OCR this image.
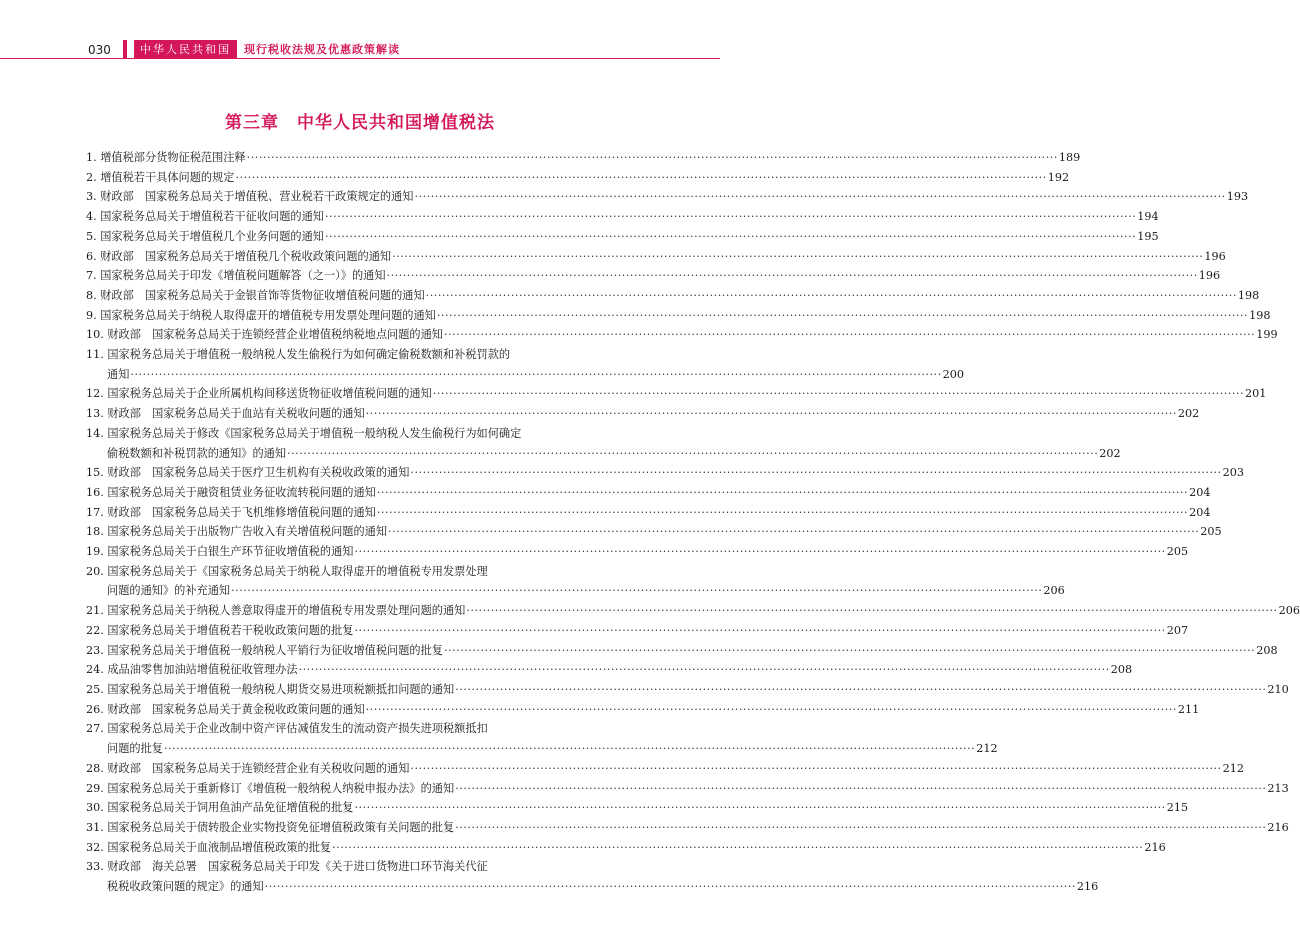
030	中华人民共和国	现行税收法规及优惠政策解读
第三章　中华人民共和国增值税法
1. 增值税部分货物征税范围注释 ········································································································································································································ 189
2. 增值税若干具体问题的规定 ········································································································································································································ 192
3. 财政部　国家税务总局关于增值税、营业税若干政策规定的通知 ········································································································································································································ 193
4. 国家税务总局关于增值税若干征收问题的通知 ········································································································································································································ 194
5. 国家税务总局关于增值税几个业务问题的通知 ········································································································································································································ 195
6. 财政部　国家税务总局关于增值税几个税收政策问题的通知 ········································································································································································································ 196
7. 国家税务总局关于印发《增值税问题解答（之一）》的通知 ········································································································································································································ 196
8. 财政部　国家税务总局关于金银首饰等货物征收增值税问题的通知 ········································································································································································································ 198
9. 国家税务总局关于纳税人取得虚开的增值税专用发票处理问题的通知 ········································································································································································································ 198
10. 财政部　国家税务总局关于连锁经营企业增值税纳税地点问题的通知 ········································································································································································································ 199
11. 国家税务总局关于增值税一般纳税人发生偷税行为如何确定偷税数额和补税罚款的
通知 ········································································································································································································ 200
12. 国家税务总局关于企业所属机构间移送货物征收增值税问题的通知 ········································································································································································································ 201
13. 财政部　国家税务总局关于血站有关税收问题的通知 ········································································································································································································ 202
14. 国家税务总局关于修改《国家税务总局关于增值税一般纳税人发生偷税行为如何确定
偷税数额和补税罚款的通知》的通知 ········································································································································································································ 202
15. 财政部　国家税务总局关于医疗卫生机构有关税收政策的通知 ········································································································································································································ 203
16. 国家税务总局关于融资租赁业务征收流转税问题的通知 ········································································································································································································ 204
17. 财政部　国家税务总局关于飞机维修增值税问题的通知 ········································································································································································································ 204
18. 国家税务总局关于出版物广告收入有关增值税问题的通知 ········································································································································································································ 205
19. 国家税务总局关于白银生产环节征收增值税的通知 ········································································································································································································ 205
20. 国家税务总局关于《国家税务总局关于纳税人取得虚开的增值税专用发票处理
问题的通知》的补充通知 ········································································································································································································ 206
21. 国家税务总局关于纳税人善意取得虚开的增值税专用发票处理问题的通知 ········································································································································································································ 206
22. 国家税务总局关于增值税若干税收政策问题的批复 ········································································································································································································ 207
23. 国家税务总局关于增值税一般纳税人平销行为征收增值税问题的批复 ········································································································································································································ 208
24. 成品油零售加油站增值税征收管理办法 ········································································································································································································ 208
25. 国家税务总局关于增值税一般纳税人期货交易进项税额抵扣问题的通知 ········································································································································································································ 210
26. 财政部　国家税务总局关于黄金税收政策问题的通知 ········································································································································································································ 211
27. 国家税务总局关于企业改制中资产评估减值发生的流动资产损失进项税额抵扣
问题的批复 ········································································································································································································ 212
28. 财政部　国家税务总局关于连锁经营企业有关税收问题的通知 ········································································································································································································ 212
29. 国家税务总局关于重新修订《增值税一般纳税人纳税申报办法》的通知 ········································································································································································································ 213
30. 国家税务总局关于饲用鱼油产品免征增值税的批复 ········································································································································································································ 215
31. 国家税务总局关于债转股企业实物投资免征增值税政策有关问题的批复 ········································································································································································································ 216
32. 国家税务总局关于血液制品增值税政策的批复 ········································································································································································································ 216
33. 财政部　海关总署　国家税务总局关于印发《关于进口货物进口环节海关代征
税税收政策问题的规定》的通知 ········································································································································································································ 216
